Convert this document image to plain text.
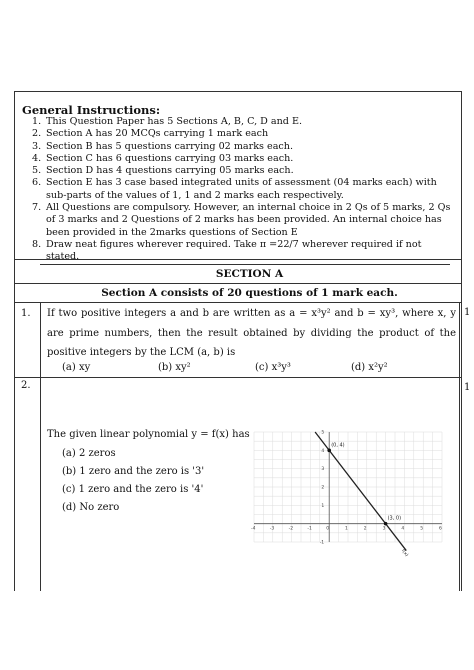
General Instructions:
1. This Question Paper has 5 Sections A, B, C, D and E.
2. Section A has 20 MCQs carrying 1 mark each
3. Section B has 5 questions carrying 02 marks each.
4. Section C has 6 questions carrying 03 marks each.
5. Section D has 4 questions carrying 05 marks each.
6. Section E has 3 case based integrated units of assessment (04 marks each) with sub-parts of the values of 1, 1 and 2 marks each respectively.
7. All Questions are compulsory. However, an internal choice in 2 Qs of 5 marks, 2 Qs of 3 marks and 2 Questions of 2 marks has been provided. An internal choice has been provided in the 2marks questions of Section E
8. Draw neat figures wherever required. Take π =22/7 wherever required if not stated.
SECTION A
Section A consists of 20 questions of 1 mark each.
1. If two positive integers a and b are written as a = x³y² and b = xy³, where x, y are prime numbers, then the result obtained by dividing the product of the positive integers by the LCM (a, b) is
1
(a) xy	(b) xy²	(c) x³y³	(d) x²y²
2.	1
The given linear polynomial y = f(x) has
(a) 2 zeros
(b) 1 zero and the zero is '3'
(c) 1 zero and the zero is '4'
(d) No zero
-4	-3	-2	-1	0	1	2	3	4	5	6
5
4
3
2
1
-1
(0, 4)
(3, 0)
f(x)
